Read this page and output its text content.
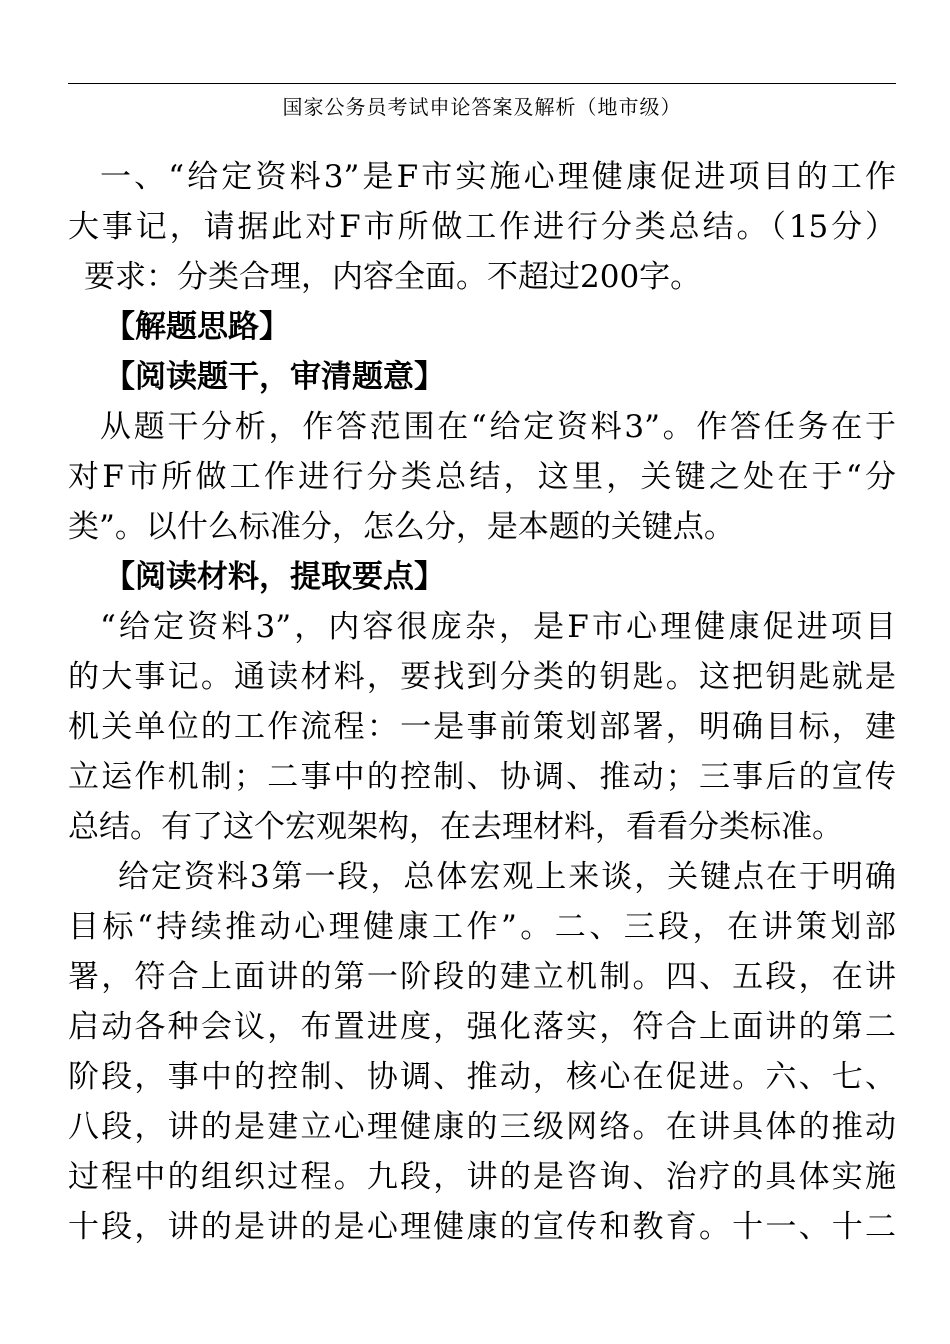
国家公务员考试申论答案及解析（地市级）
一、“给定资料3”是F市实施心理健康促进项目的工作
大事记，请据此对F市所做工作进行分类总结。（15分）
要求：分类合理，内容全面。不超过200字。
【解题思路】
【阅读题干，审清题意】
从题干分析，作答范围在“给定资料3”。作答任务在于
对F市所做工作进行分类总结，这里，关键之处在于“分
类”。以什么标准分，怎么分，是本题的关键点。
【阅读材料，提取要点】
“给定资料3”，内容很庞杂，是F市心理健康促进项目
的大事记。通读材料，要找到分类的钥匙。这把钥匙就是
机关单位的工作流程：一是事前策划部署，明确目标，建
立运作机制；二事中的控制、协调、推动；三事后的宣传
总结。有了这个宏观架构，在去理材料，看看分类标准。
给定资料3第一段，总体宏观上来谈，关键点在于明确
目标“持续推动心理健康工作”。二、三段，在讲策划部
署，符合上面讲的第一阶段的建立机制。四、五段，在讲
启动各种会议，布置进度，强化落实，符合上面讲的第二
阶段，事中的控制、协调、推动，核心在促进。六、七、
八段，讲的是建立心理健康的三级网络。在讲具体的推动
过程中的组织过程。九段，讲的是咨询、治疗的具体实施
十段，讲的是讲的是心理健康的宣传和教育。十一、十二
